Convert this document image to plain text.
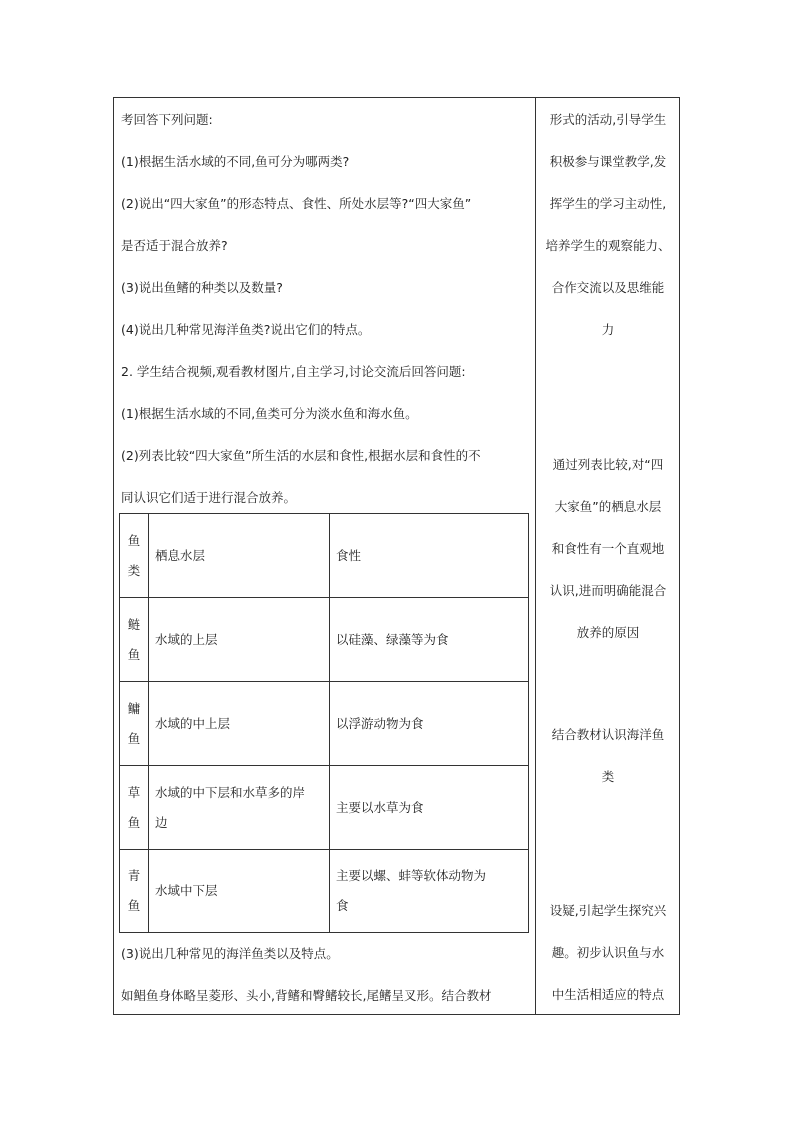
考回答下列问题:
(1)根据生活水域的不同,鱼可分为哪两类?
(2)说出“四大家鱼”的形态特点、食性、所处水层等?“四大家鱼”
是否适于混合放养?
(3)说出鱼鳍的种类以及数量?
(4)说出几种常见海洋鱼类?说出它们的特点。
2. 学生结合视频,观看教材图片,自主学习,讨论交流后回答问题:
(1)根据生活水域的不同,鱼类可分为淡水鱼和海水鱼。
(2)列表比较“四大家鱼”所生活的水层和食性,根据水层和食性的不
同认识它们适于进行混合放养。
(3)说出几种常见的海洋鱼类以及特点。
如鲳鱼身体略呈菱形、头小,背鳍和臀鳍较长,尾鳍呈叉形。结合教材
形式的活动,引导学生
积极参与课堂教学,发
挥学生的学习主动性,
培养学生的观察能力、
合作交流以及思维能
力
通过列表比较,对“四
大家鱼”的栖息水层
和食性有一个直观地
认识,进而明确能混合
放养的原因
结合教材认识海洋鱼
类
设疑,引起学生探究兴
趣。初步认识鱼与水
中生活相适应的特点
鱼
类	栖息水层	食性

鲢
鱼	水域的上层	以硅藻、绿藻等为食

鳙
鱼	水域的中上层	以浮游动物为食

草
鱼	水域的中下层和水草多的岸
边	主要以水草为食

青
鱼	水域中下层	主要以螺、蚌等软体动物为
食
